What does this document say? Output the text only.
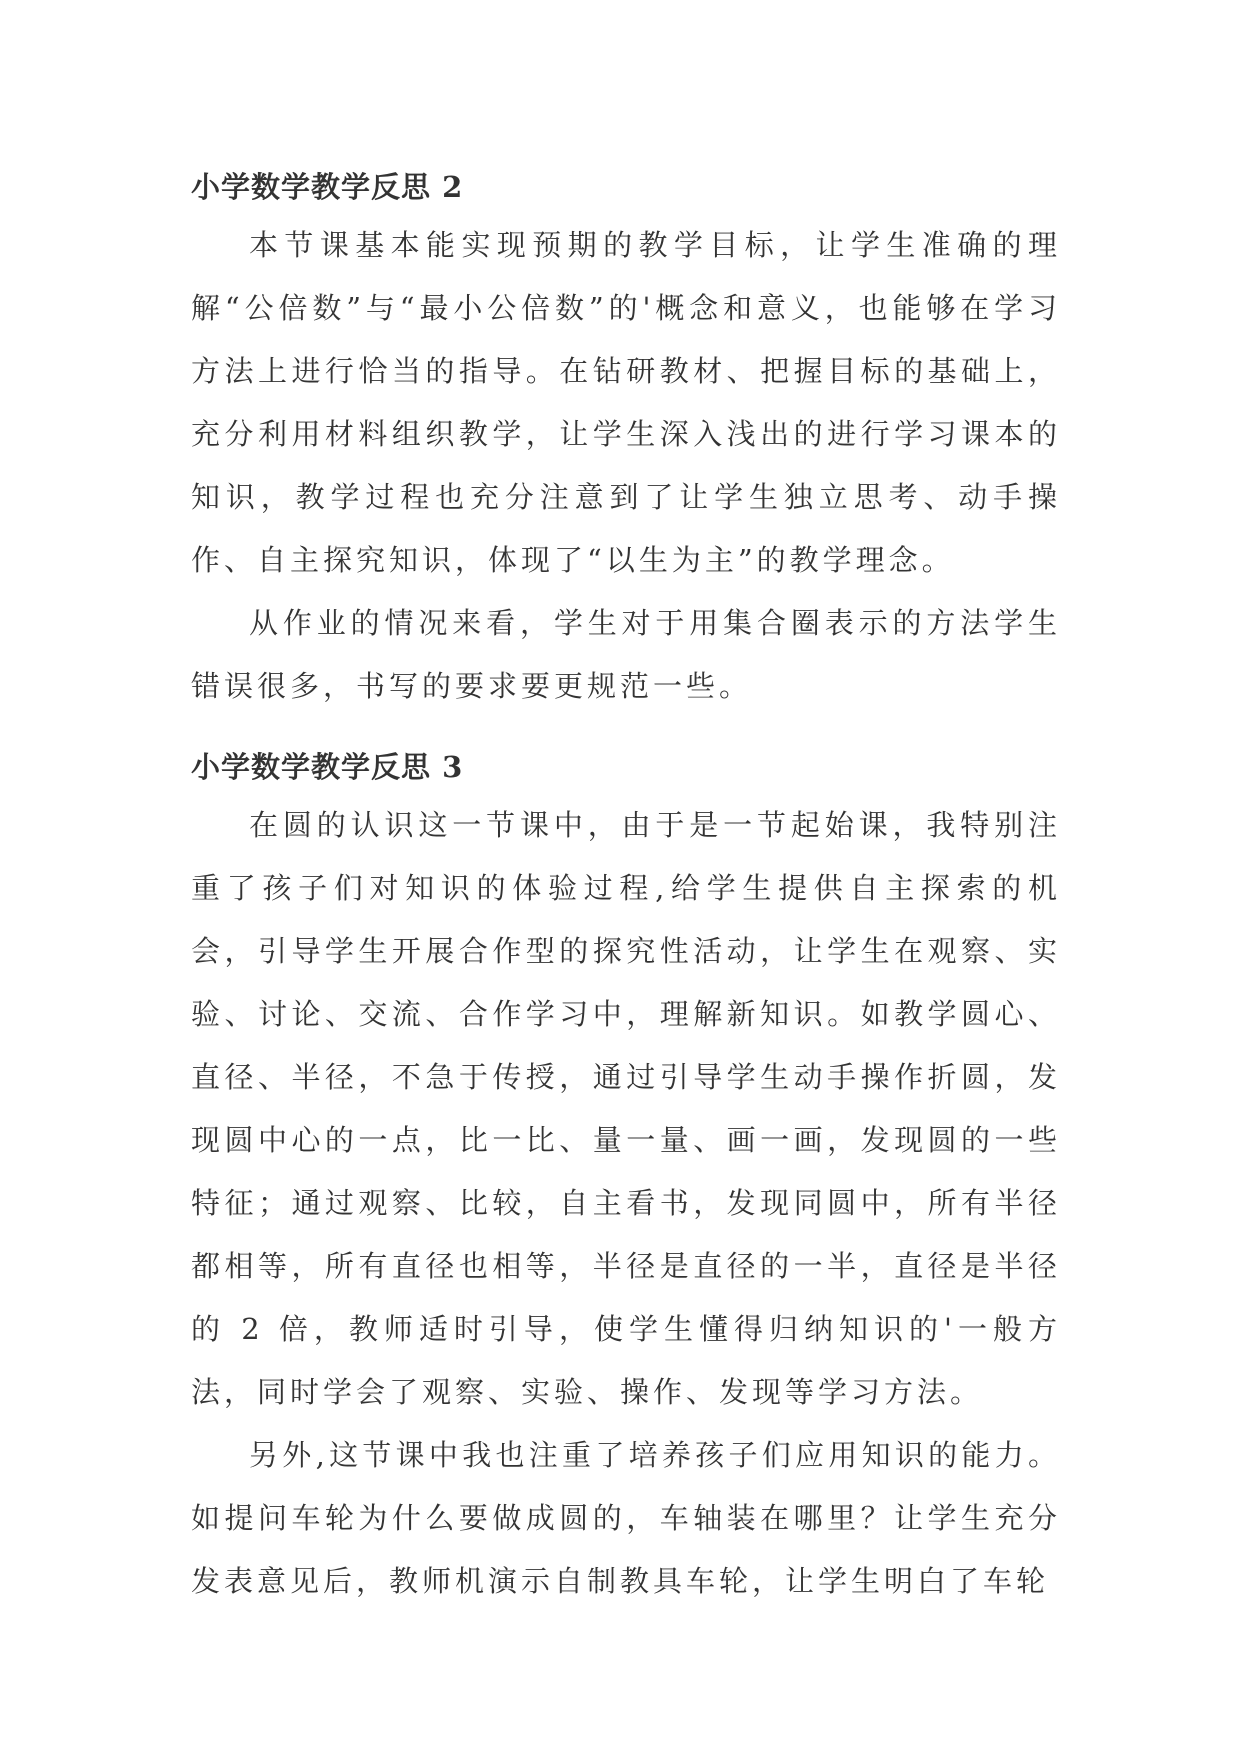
小学数学教学反思 2

本节课基本能实现预期的教学目标，让学生准确的理解“公倍数”与“最小公倍数”的'概念和意义，也能够在学习方法上进行恰当的指导。在钻研教材、把握目标的基础上，充分利用材料组织教学，让学生深入浅出的进行学习课本的知识，教学过程也充分注意到了让学生独立思考、动手操作、自主探究知识，体现了“以生为主”的教学理念。

从作业的情况来看，学生对于用集合圈表示的方法学生错误很多，书写的要求要更规范一些。

小学数学教学反思 3

在圆的认识这一节课中，由于是一节起始课，我特别注重了孩子们对知识的体验过程,给学生提供自主探索的机会，引导学生开展合作型的探究性活动，让学生在观察、实验、讨论、交流、合作学习中，理解新知识。如教学圆心、直径、半径，不急于传授，通过引导学生动手操作折圆，发现圆中心的一点，比一比、量一量、画一画，发现圆的一些特征；通过观察、比较，自主看书，发现同圆中，所有半径都相等，所有直径也相等，半径是直径的一半，直径是半径的 2 倍，教师适时引导，使学生懂得归纳知识的'一般方法，同时学会了观察、实验、操作、发现等学习方法。

另外,这节课中我也注重了培养孩子们应用知识的能力。如提问车轮为什么要做成圆的，车轴装在哪里？让学生充分发表意见后，教师机演示自制教具车轮，让学生明白了车轮
